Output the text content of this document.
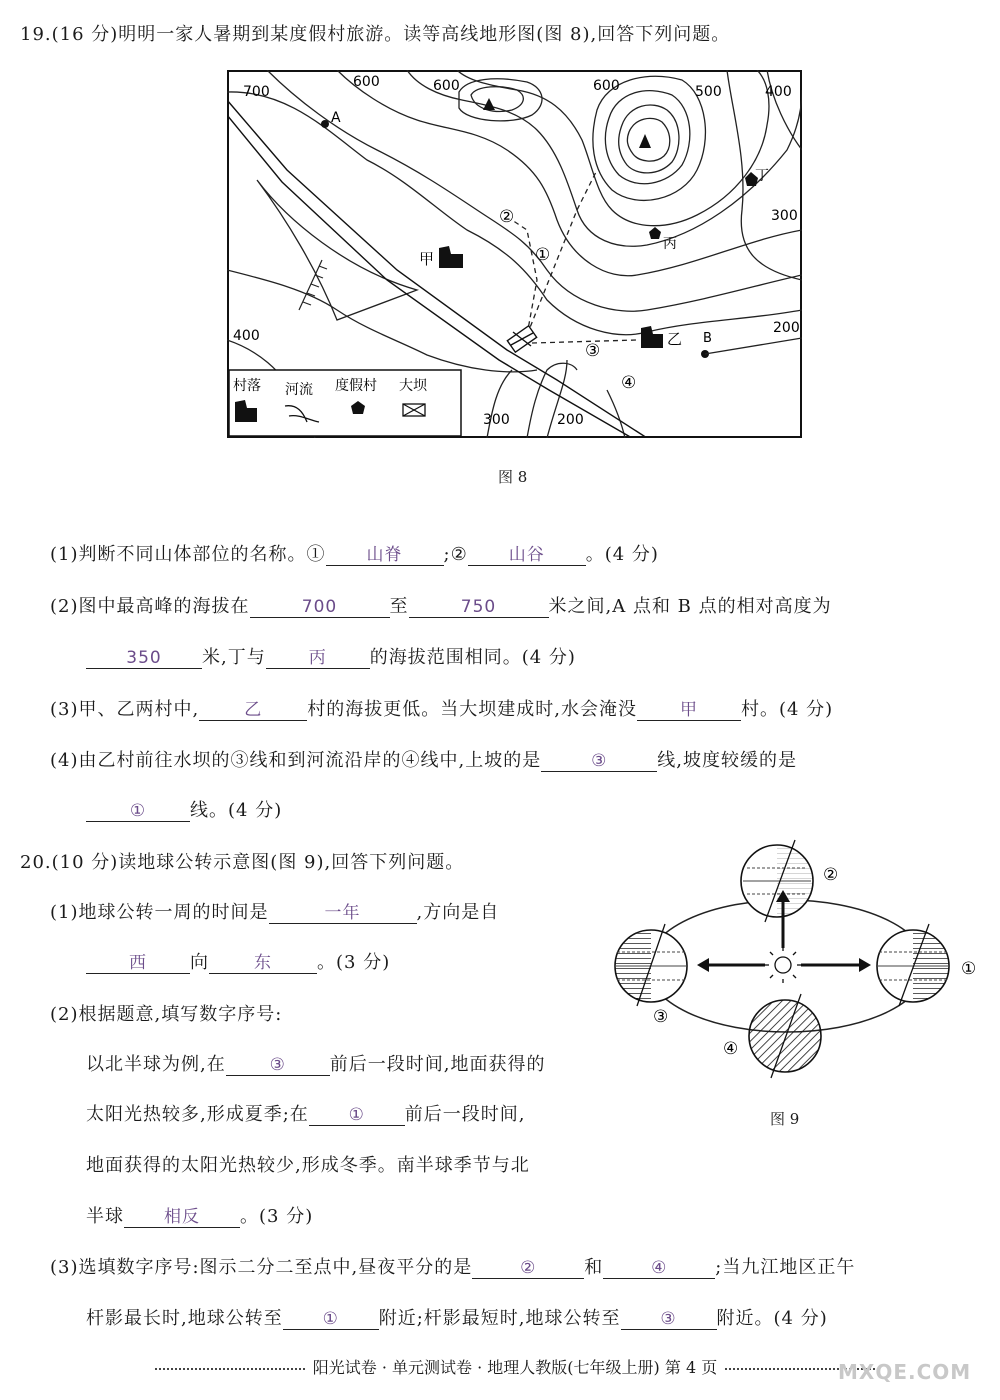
19.(16 分)明明一家人暑期到某度假村旅游。读等高线地形图(图 8),回答下列问题。
700
600	600	600	500	400
300
200
400
300	200
A
B
丁
丙
甲
乙
①
②
③
④
村落 河流 度假村 大坝
图 8
(1)判断不同山体部位的名称。① 山脊 ;② 山谷 。(4 分)
(2)图中最高峰的海拔在	700	至	750	米之间,A 点和 B 点的相对高度为
350 米,丁与	丙 的海拔范围相同。(4 分)
(3)甲、乙两村中,	乙	村的海拔更低。当大坝建成时,水会淹没	甲 村。(4 分)
(4)由乙村前往水坝的③线和到河流沿岸的④线中,上坡的是	③	线,坡度较缓的是
① 线。(4 分)
20.(10 分)读地球公转示意图(图 9),回答下列问题。
(1)地球公转一周的时间是	一年	,方向是自
西 向	东	。(3 分)
(2)根据题意,填写数字序号:
以北半球为例,在	③ 前后一段时间,地面获得的
太阳光热较多,形成夏季;在 ① 前后一段时间,
地面获得的太阳光热较少,形成冬季。南半球季节与北
半球 相反 。(3 分)
(3)选填数字序号:图示二分二至点中,昼夜平分的是	②	和	④	;当九江地区正午
杆影最长时,地球公转至 ① 附近;杆影最短时,地球公转至 ③ 附近。(4 分)
②
①
③
④
图 9
阳光试卷 · 单元测试卷 · 地理人教版(七年级上册) 第 4 页	MXQE.COM
